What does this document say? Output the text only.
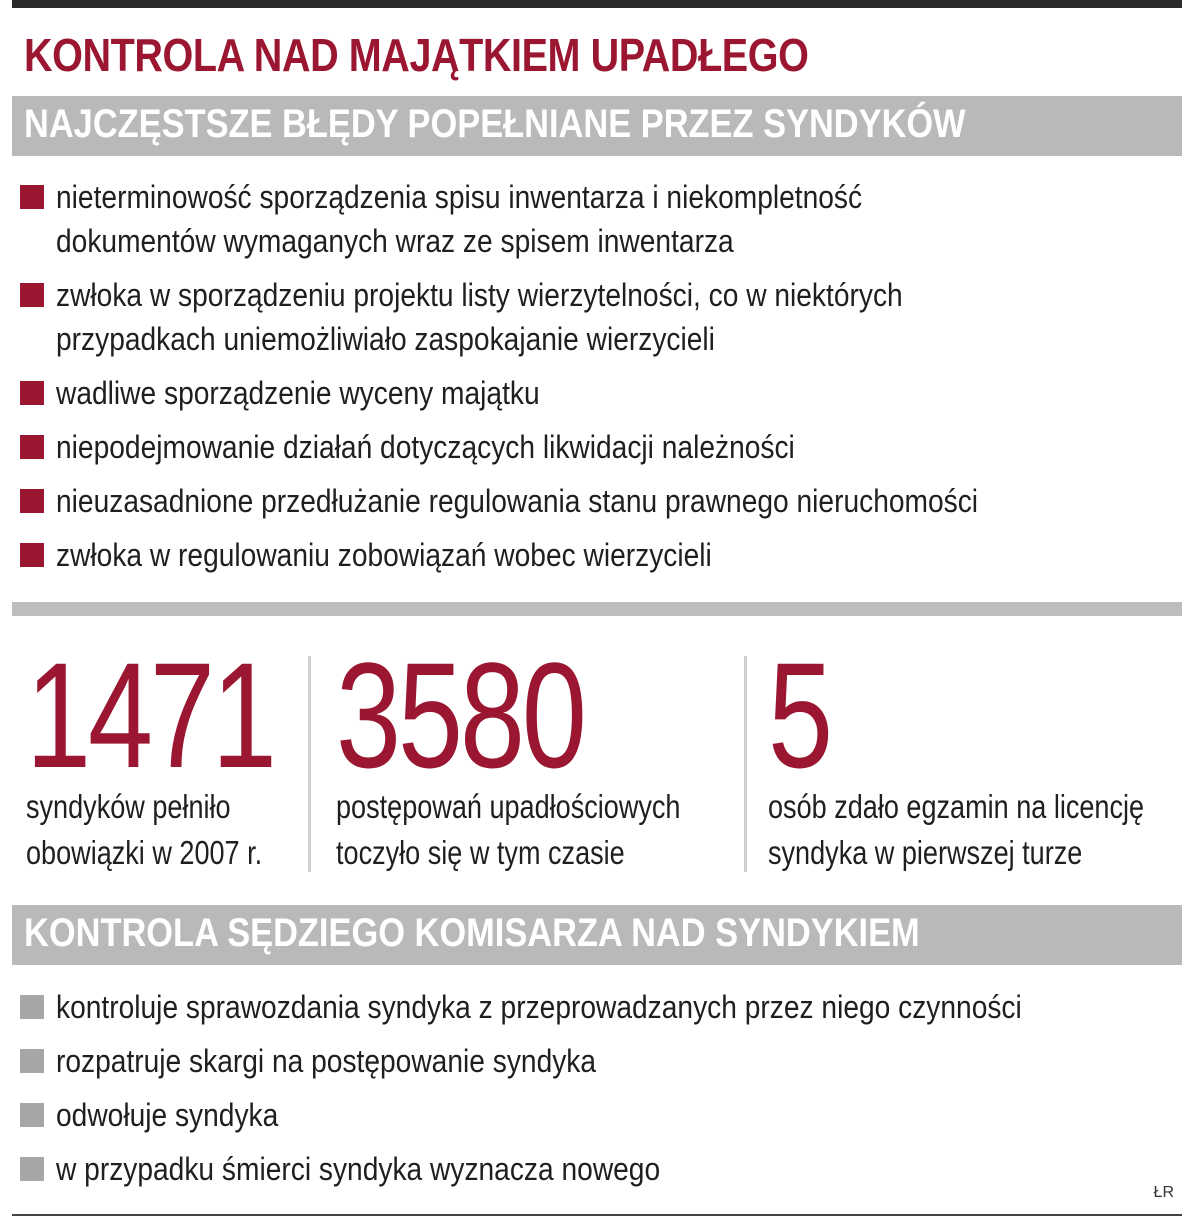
KONTROLA NAD MAJĄTKIEM UPADŁEGO
NAJCZĘSTSZE BŁĘDY POPEŁNIANE PRZEZ SYNDYKÓW
nieterminowość sporządzenia spisu inwentarza i niekompletność
dokumentów wymaganych wraz ze spisem inwentarza
zwłoka w sporządzeniu projektu listy wierzytelności, co w niektórych
przypadkach uniemożliwiało zaspokajanie wierzycieli
wadliwe sporządzenie wyceny majątku
niepodejmowanie działań dotyczących likwidacji należności
nieuzasadnione przedłużanie regulowania stanu prawnego nieruchomości
zwłoka w regulowaniu zobowiązań wobec wierzycieli
1471
syndyków pełniło
obowiązki w 2007 r.
3580
postępowań upadłościowych
toczyło się w tym czasie
5
osób zdało egzamin na licencję
syndyka w pierwszej turze
KONTROLA SĘDZIEGO KOMISARZA NAD SYNDYKIEM
kontroluje sprawozdania syndyka z przeprowadzanych przez niego czynności
rozpatruje skargi na postępowanie syndyka
odwołuje syndyka
w przypadku śmierci syndyka wyznacza nowego
ŁR
